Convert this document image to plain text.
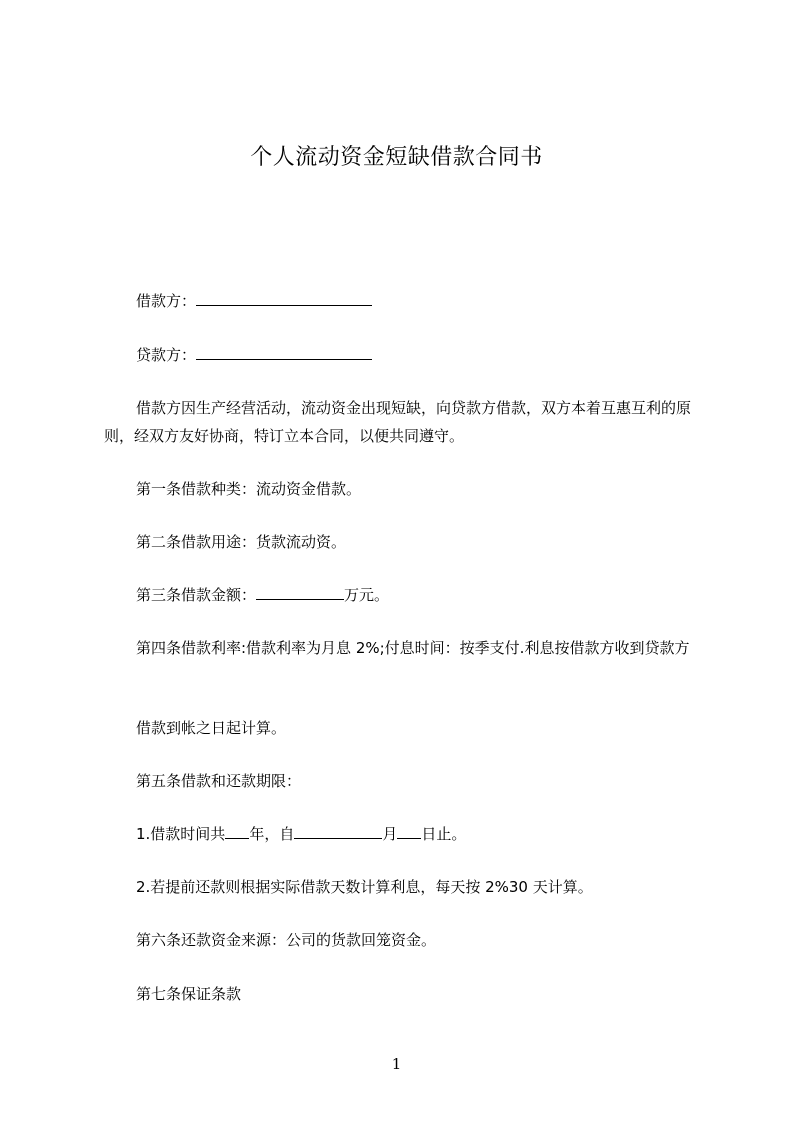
个人流动资金短缺借款合同书
借款方：
贷款方：
借款方因生产经营活动，流动资金出现短缺，向贷款方借款，双方本着互惠互利的原则，经双方友好协商，特订立本合同，以便共同遵守。
第一条借款种类：流动资金借款。
第二条借款用途：货款流动资。
第三条借款金额：	万元。
第四条借款利率:借款利率为月息 2%;付息时间：按季支付.利息按借款方收到贷款方
借款到帐之日起计算。
第五条借款和还款期限：
1.借款时间共 年，自	月 日止。
2.若提前还款则根据实际借款天数计算利息，每天按 2%30 天计算。
第六条还款资金来源：公司的货款回笼资金。
第七条保证条款
1
